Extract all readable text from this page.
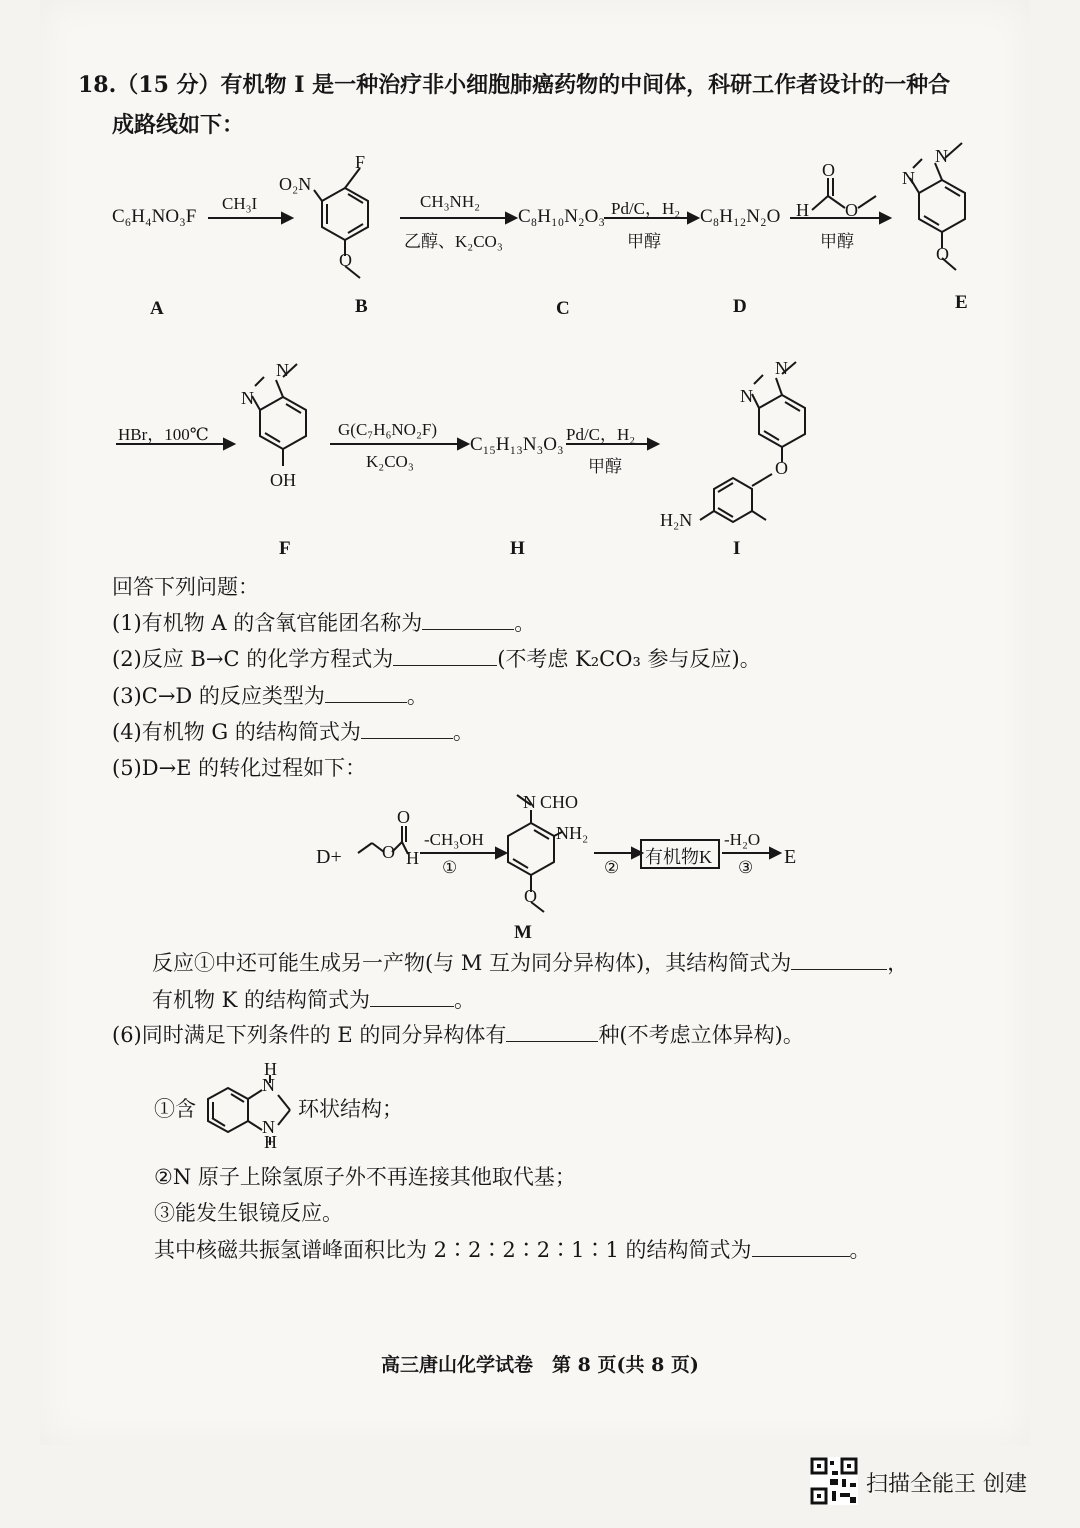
18.（15 分）有机物 I 是一种治疗非小细胞肺癌药物的中间体，科研工作者设计的一种合
成路线如下：
C₆H₄NO₃F
CH₃I	CH₃NH₂
乙醇、K₂CO₃
C₈H₁₀N₂O₃ Pd/C，H₂
甲醇
C₈H₁₂N₂O
甲醇
A	B	C	D	E
HBr，100℃	G(C₇H₆NO₂F)
K₂CO₃
C₁₅H₁₃N₃O₃ Pd/C，H₂
甲醇
F	H	I
F
O₂N
O
H
O
O
N
N
O
N
N
OH
N
N
O
H₂N
O
O
H
N CHO
NH₂
O
H
N
N
H
D+
-CH₃OH
①	②
有机物K
-H₂O
③ E
M
回答下列问题：
(1)有机物 A 的含氧官能团名称为	。
(2)反应 B→C 的化学方程式为	(不考虑 K₂CO₃ 参与反应)。
(3)C→D 的反应类型为	。
(4)有机物 G 的结构简式为	。
(5)D→E 的转化过程如下：
反应①中还可能生成另一产物(与 M 互为同分异构体)，其结构简式为	，
有机物 K 的结构简式为	。
(6)同时满足下列条件的 E 的同分异构体有	种(不考虑立体异构)。
①含	环状结构；
②N 原子上除氢原子外不再连接其他取代基；
③能发生银镜反应。
其中核磁共振氢谱峰面积比为 2∶2∶2∶2∶1∶1 的结构简式为	。
高三唐山化学试卷　第 8 页(共 8 页)
扫描全能王 创建
